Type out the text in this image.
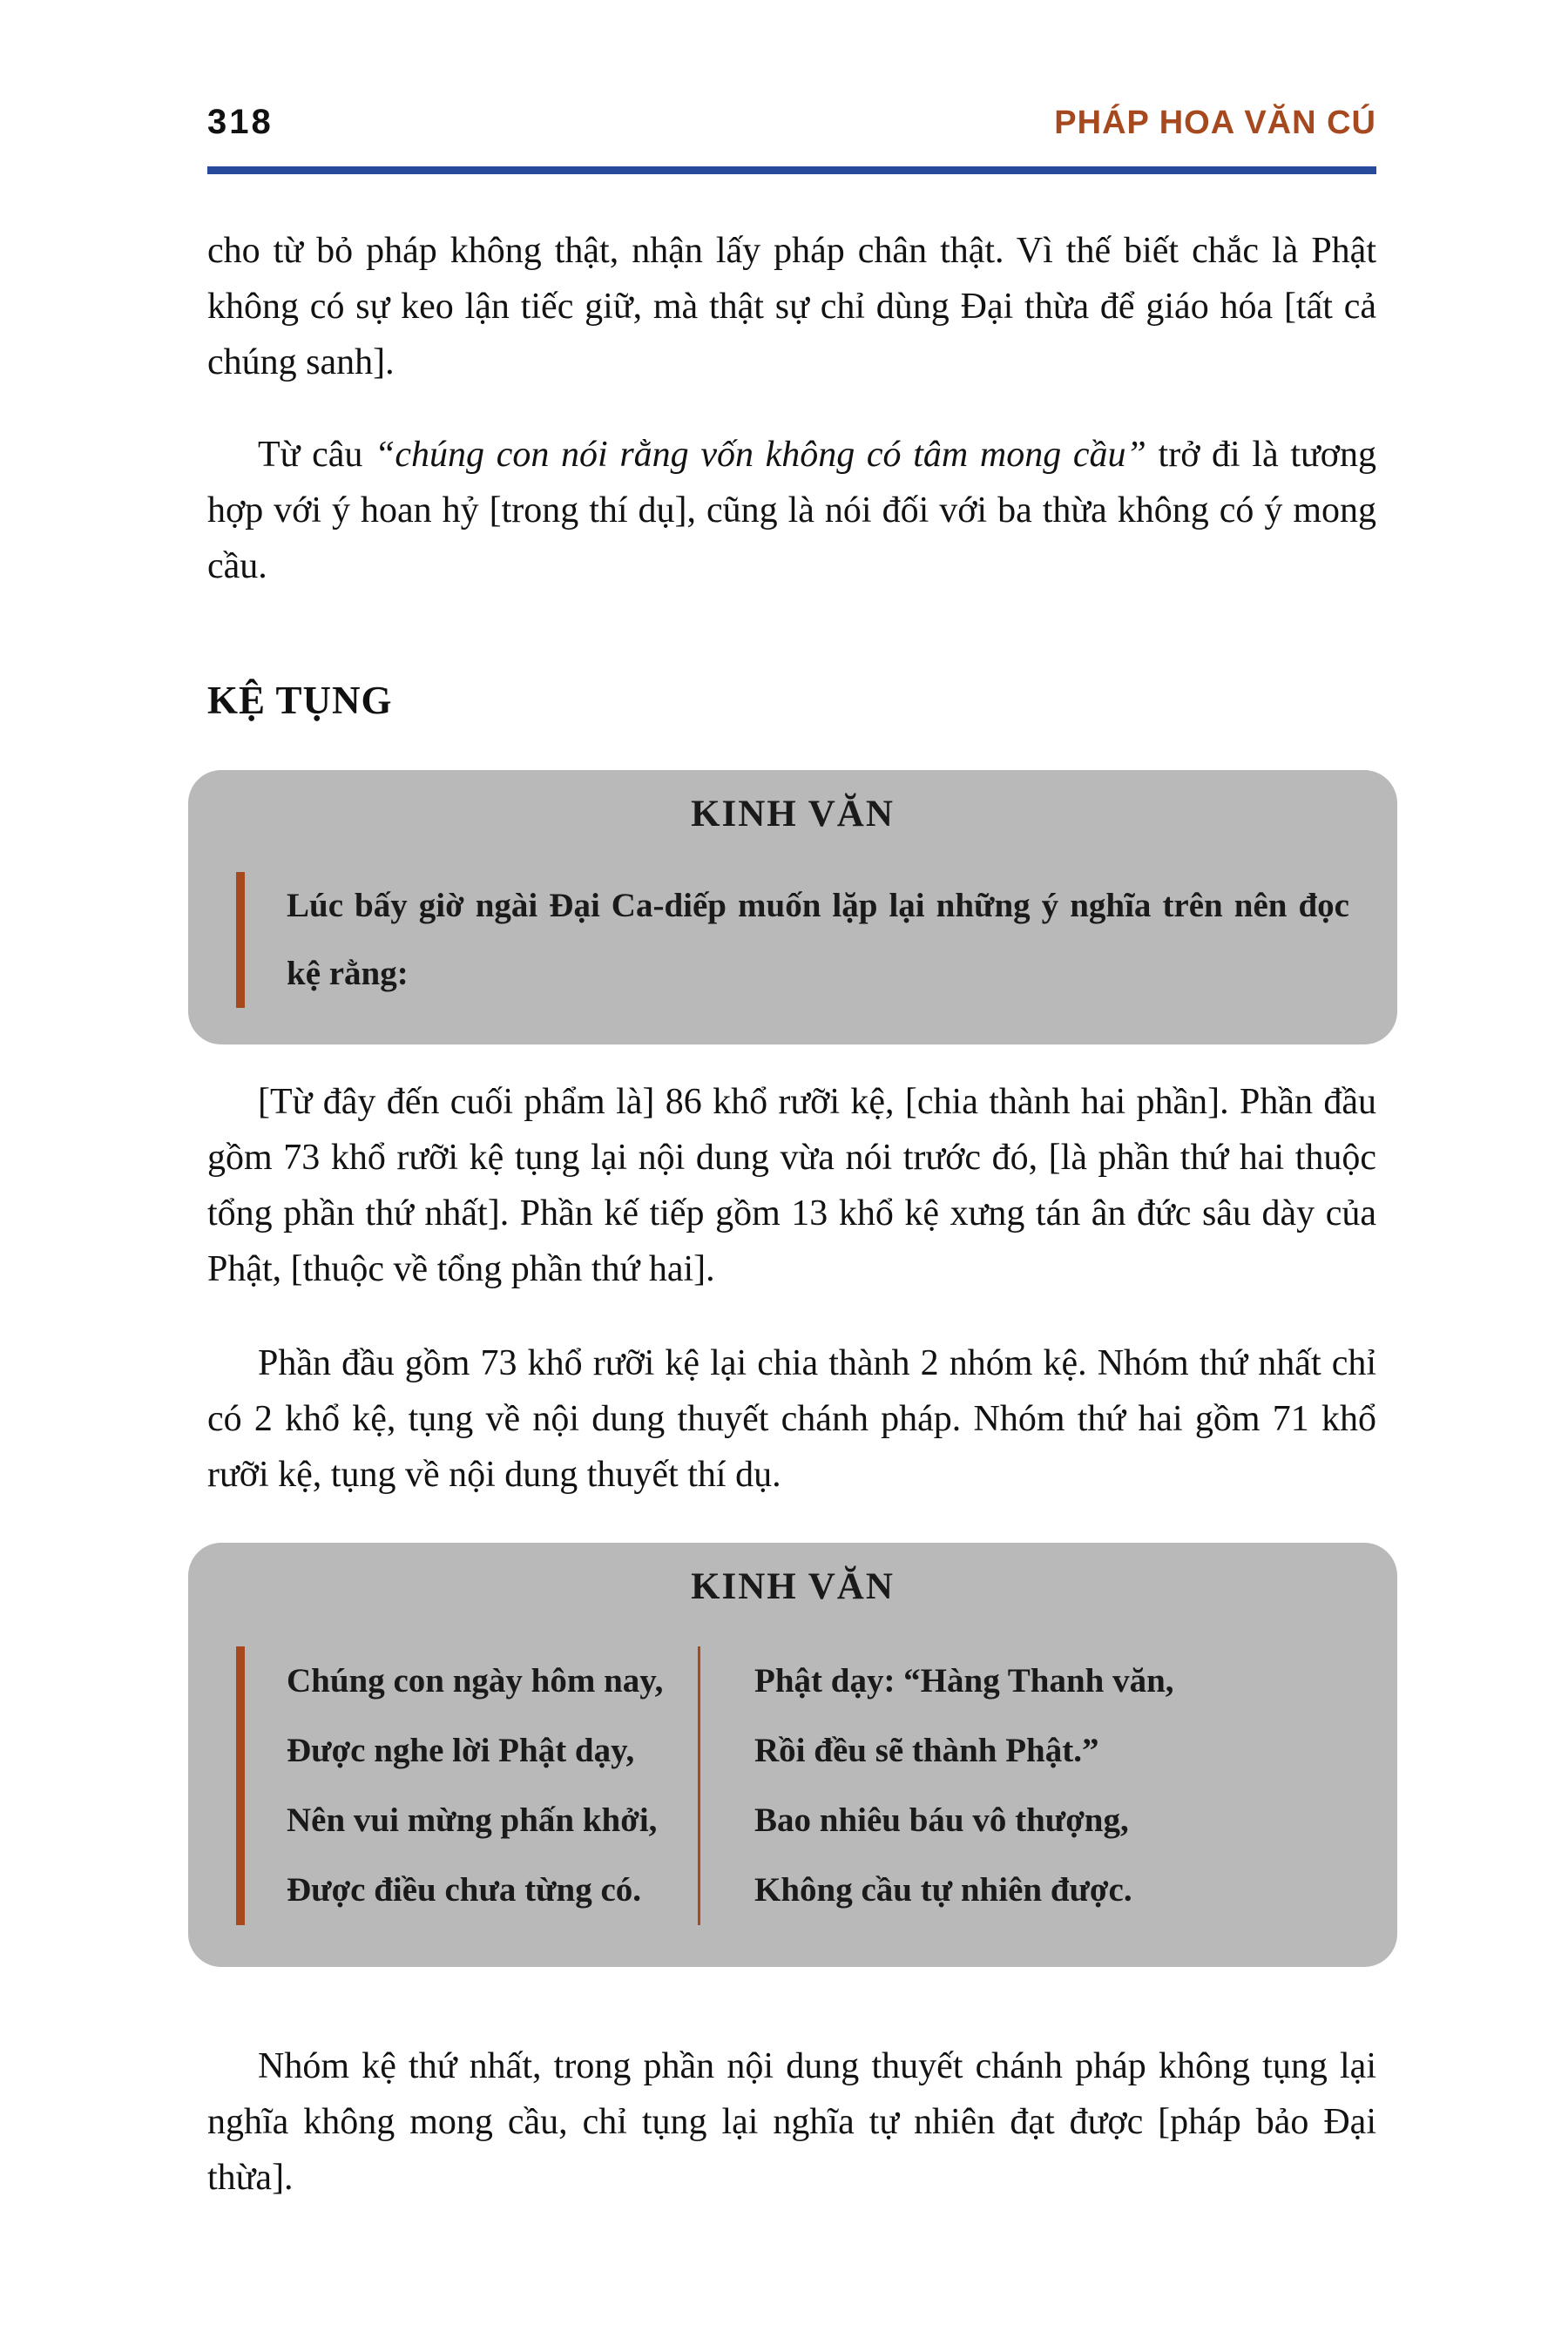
318	PHÁP HOA VĂN CÚ

cho từ bỏ pháp không thật, nhận lấy pháp chân thật. Vì thế biết chắc là Phật không có sự keo lận tiếc giữ, mà thật sự chỉ dùng Đại thừa để giáo hóa [tất cả chúng sanh].

Từ câu “chúng con nói rằng vốn không có tâm mong cầu” trở đi là tương hợp với ý hoan hỷ [trong thí dụ], cũng là nói đối với ba thừa không có ý mong cầu.

KỆ TỤNG
KINH VĂN
Lúc bấy giờ ngài Đại Ca-diếp muốn lặp lại những ý nghĩa trên nên đọc kệ rằng:

[Từ đây đến cuối phẩm là] 86 khổ rưỡi kệ, [chia thành hai phần]. Phần đầu gồm 73 khổ rưỡi kệ tụng lại nội dung vừa nói trước đó, [là phần thứ hai thuộc tổng phần thứ nhất]. Phần kế tiếp gồm 13 khổ kệ xưng tán ân đức sâu dày của Phật, [thuộc về tổng phần thứ hai].

Phần đầu gồm 73 khổ rưỡi kệ lại chia thành 2 nhóm kệ. Nhóm thứ nhất chỉ có 2 khổ kệ, tụng về nội dung thuyết chánh pháp. Nhóm thứ hai gồm 71 khổ rưỡi kệ, tụng về nội dung thuyết thí dụ.

KINH VĂN
Chúng con ngày hôm nay,
Được nghe lời Phật dạy,
Nên vui mừng phấn khởi,
Được điều chưa từng có.
Phật dạy: “Hàng Thanh văn,
Rồi đều sẽ thành Phật.”
Bao nhiêu báu vô thượng,
Không cầu tự nhiên được.

Nhóm kệ thứ nhất, trong phần nội dung thuyết chánh pháp không tụng lại nghĩa không mong cầu, chỉ tụng lại nghĩa tự nhiên đạt được [pháp bảo Đại thừa].
